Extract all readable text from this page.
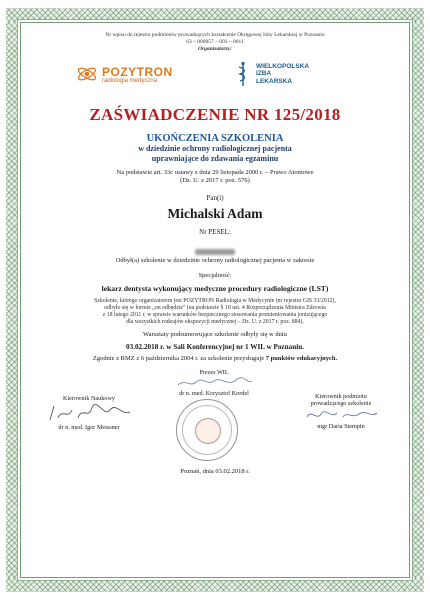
Nr wpisu do rejestru podmiotów prowadzących kształcenie Okręgowej Izby Lekarskiej w Poznaniu
63 – 000057 – 003 – 0011
Organizatorzy:

POZYTRON
radiologia medyczna

WIELKOPOLSKA
IZBA
LEKARSKA
ZAŚWIADCZENIE NR 125/2018
UKOŃCZENIA SZKOLENIA
w dziedzinie ochrony radiologicznej pacjenta
uprawniające do zdawania egzaminu
Na podstawie art. 33c ustawy z dnia 29 listopada 2000 r. – Prawo Atomowe
(Dz. U. z 2017 r. poz. 576)
Pan(i)
Michalski Adam
Nr PESEL:
Odbył(a) szkolenie w dziedzinie ochrony radiologicznej pacjenta w zakresie
Specjalność:
lekarz dentysta wykonujący medyczne procedury radiologiczne (LST)
Szkolenie, którego organizatorem jest POZYTRON Radiologia w Medycynie (nr rejestru GIS 33/2012),
odbyło się w formie „on odbędzie" (na podstawie § 10 ust. 4 Rozporządzenia Ministra Zdrowia
z 18 lutego 2011 r. w sprawie warunków bezpiecznego stosowania promieniowania jonizującego
dla wszystkich rodzajów ekspozycji medycznej – Dz. U. z 2017 r. poz. 884).
Warsztaty podsumowujące szkolenie odbyły się w dniu
03.02.2018 r. w Sali Konferencyjnej nr 1 WIL w Poznaniu.
Zgodnie z RMZ z 6 października 2004 r. za szkolenie przysługuje 7 punktów edukacyjnych.
Prezes WIL
dr n. med. Krzysztof Kordel
Kierownik Naukowy
dr n. med. Igor Meissner
Kierownik podmiotu
prowadzącego szkolenie
mgr Daria Stempin
Poznań, dnia 03.02.2018 r.
